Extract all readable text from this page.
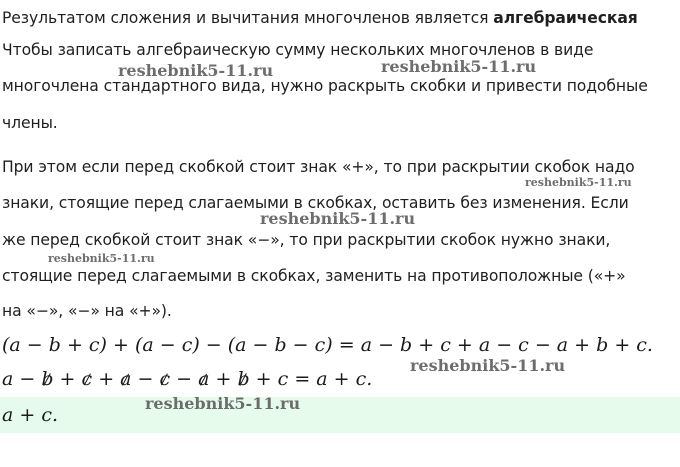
Результатом сложения и вычитания многочленов является алгебраическая
Чтобы записать алгебраическую сумму нескольких многочленов в виде
многочлена стандартного вида, нужно раскрыть скобки и привести подобные
члены.
При этом если перед скобкой стоит знак «+», то при раскрытии скобок надо
знаки, стоящие перед слагаемыми в скобках, оставить без изменения. Если
же перед скобкой стоит знак «−», то при раскрытии скобок нужно знаки,
стоящие перед слагаемыми в скобках, заменить на противоположные («+»
на «−», «−» на «+»).
(a − b + c) + (a − c) − (a − b − c) = a − b + c + a − c − a + b + c.
a − b + c + a − c − a + b + c = a + c.
a + c.
reshebnik5-11.ru	reshebnik5-11.ru
reshebnik5-11.ru
reshebnik5-11.ru
reshebnik5-11.ru
reshebnik5-11.ru
reshebnik5-11.ru
